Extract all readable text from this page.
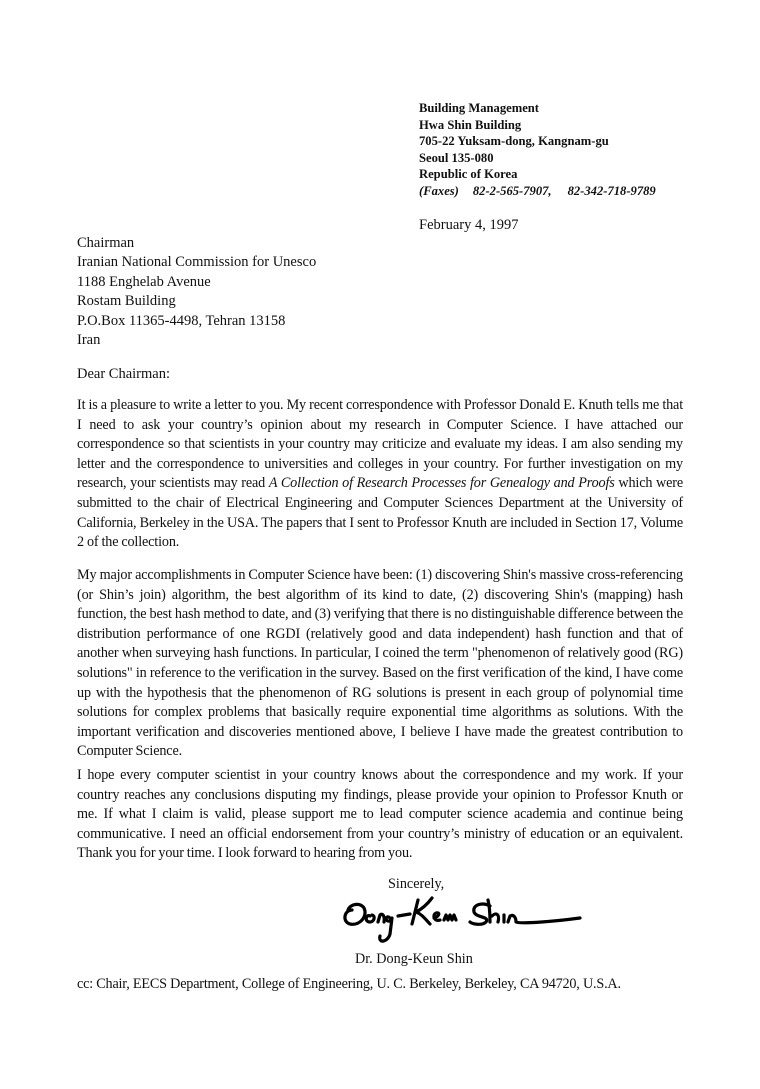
Building Management
Hwa Shin Building
705-22 Yuksam-dong, Kangnam-gu
Seoul 135-080
Republic of Korea
(Faxes) 82-2-565-7907, 82-342-718-9789
February 4, 1997
Chairman
Iranian National Commission for Unesco
1188 Enghelab Avenue
Rostam Building
P.O.Box 11365-4498, Tehran 13158
Iran
Dear Chairman:
It is a pleasure to write a letter to you. My recent correspondence with Professor Donald E. Knuth tells me that I need to ask your country’s opinion about my research in Computer Science. I have attached our correspondence so that scientists in your country may criticize and evaluate my ideas. I am also sending my letter and the correspondence to universities and colleges in your country. For further investigation on my research, your scientists may read A Collection of Research Processes for Genealogy and Proofs which were submitted to the chair of Electrical Engineering and Computer Sciences Department at the University of California, Berkeley in the USA. The papers that I sent to Professor Knuth are included in Section 17, Volume 2 of the collection.
My major accomplishments in Computer Science have been: (1) discovering Shin's massive cross-referencing (or Shin’s join) algorithm, the best algorithm of its kind to date, (2) discovering Shin's (mapping) hash function, the best hash method to date, and (3) verifying that there is no distinguishable difference between the distribution performance of one RGDI (relatively good and data independent) hash function and that of another when surveying hash functions. In particular, I coined the term "phenomenon of relatively good (RG) solutions" in reference to the verification in the survey. Based on the first verification of the kind, I have come up with the hypothesis that the phenomenon of RG solutions is present in each group of polynomial time solutions for complex problems that basically require exponential time algorithms as solutions. With the important verification and discoveries mentioned above, I believe I have made the greatest contribution to Computer Science.
I hope every computer scientist in your country knows about the correspondence and my work. If your country reaches any conclusions disputing my findings, please provide your opinion to Professor Knuth or me. If what I claim is valid, please support me to lead computer science academia and continue being communicative. I need an official endorsement from your country’s ministry of education or an equivalent. Thank you for your time. I look forward to hearing from you.
Sincerely,
Dr. Dong-Keun Shin
cc: Chair, EECS Department, College of Engineering, U. C. Berkeley, Berkeley, CA 94720, U.S.A.
